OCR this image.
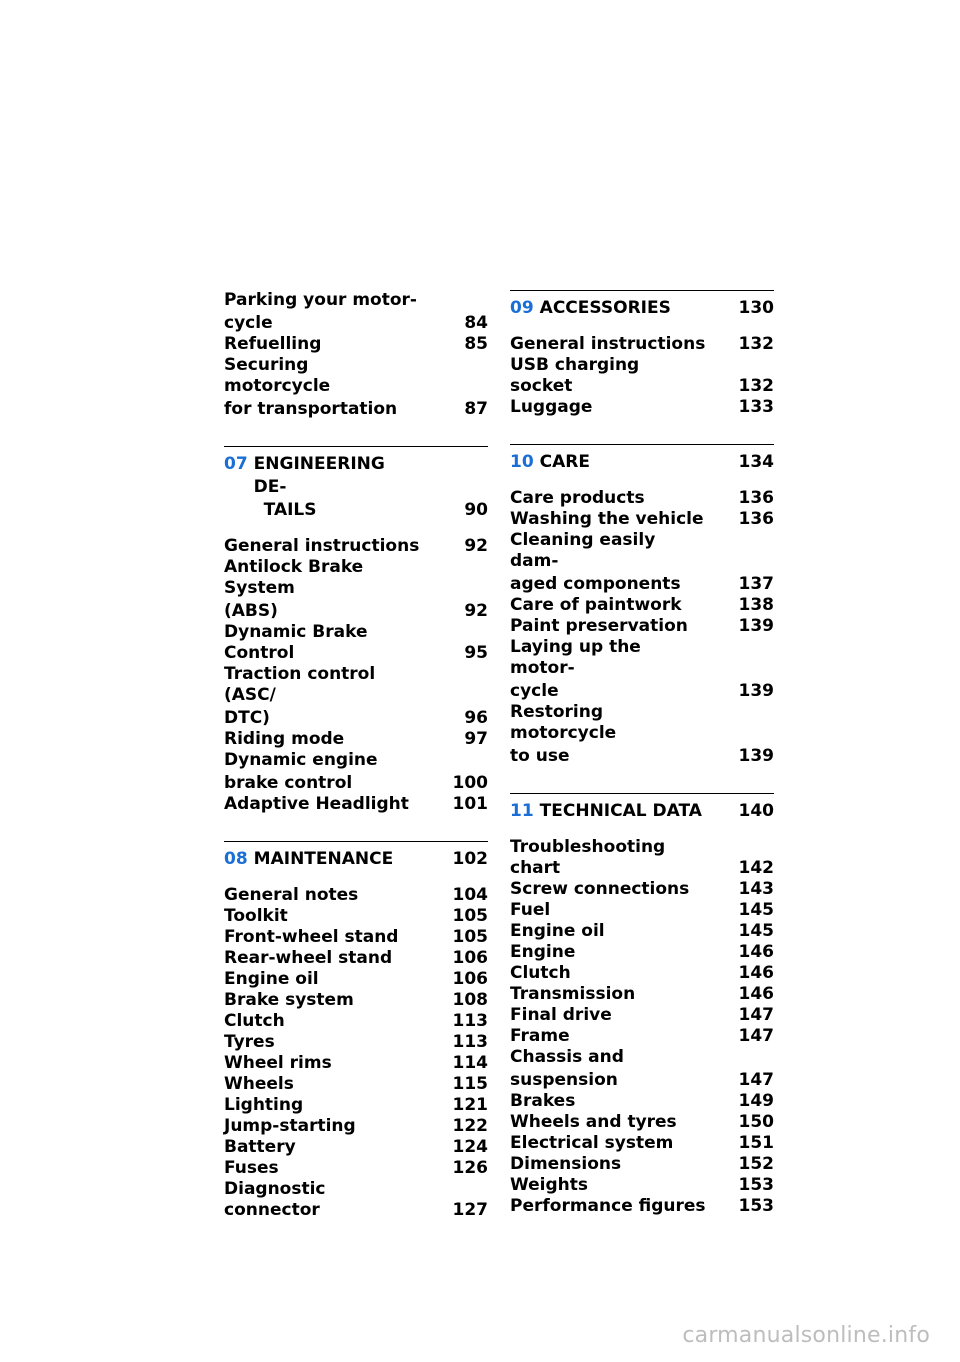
Parking your motor-
cycle	84
Refuelling	85
Securing motorcycle
for transportation	87
07 ENGINEERING DE-
TAILS	90
General instructions	92
Antilock Brake System
(ABS)	92
Dynamic Brake Control	95
Traction control (ASC/
DTC)	96
Riding mode	97
Dynamic engine
brake control	100
Adaptive Headlight	101
08 MAINTENANCE	102
General notes	104
Toolkit	105
Front-wheel stand	105
Rear-wheel stand	106
Engine oil	106
Brake system	108
Clutch	113
Tyres	113
Wheel rims	114
Wheels	115
Lighting	121
Jump-starting	122
Battery	124
Fuses	126
Diagnostic connector	127
09 ACCESSORIES	130
General instructions	132
USB charging socket	132
Luggage	133
10 CARE	134
Care products	136
Washing the vehicle	136
Cleaning easily dam-
aged components	137
Care of paintwork	138
Paint preservation	139
Laying up the motor-
cycle	139
Restoring motorcycle
to use	139
11 TECHNICAL DATA	140
Troubleshooting chart	142
Screw connections	143
Fuel	145
Engine oil	145
Engine	146
Clutch	146
Transmission	146
Final drive	147
Frame	147
Chassis and
suspension	147
Brakes	149
Wheels and tyres	150
Electrical system	151
Dimensions	152
Weights	153
Performance figures	153
carmanualsonline.info
